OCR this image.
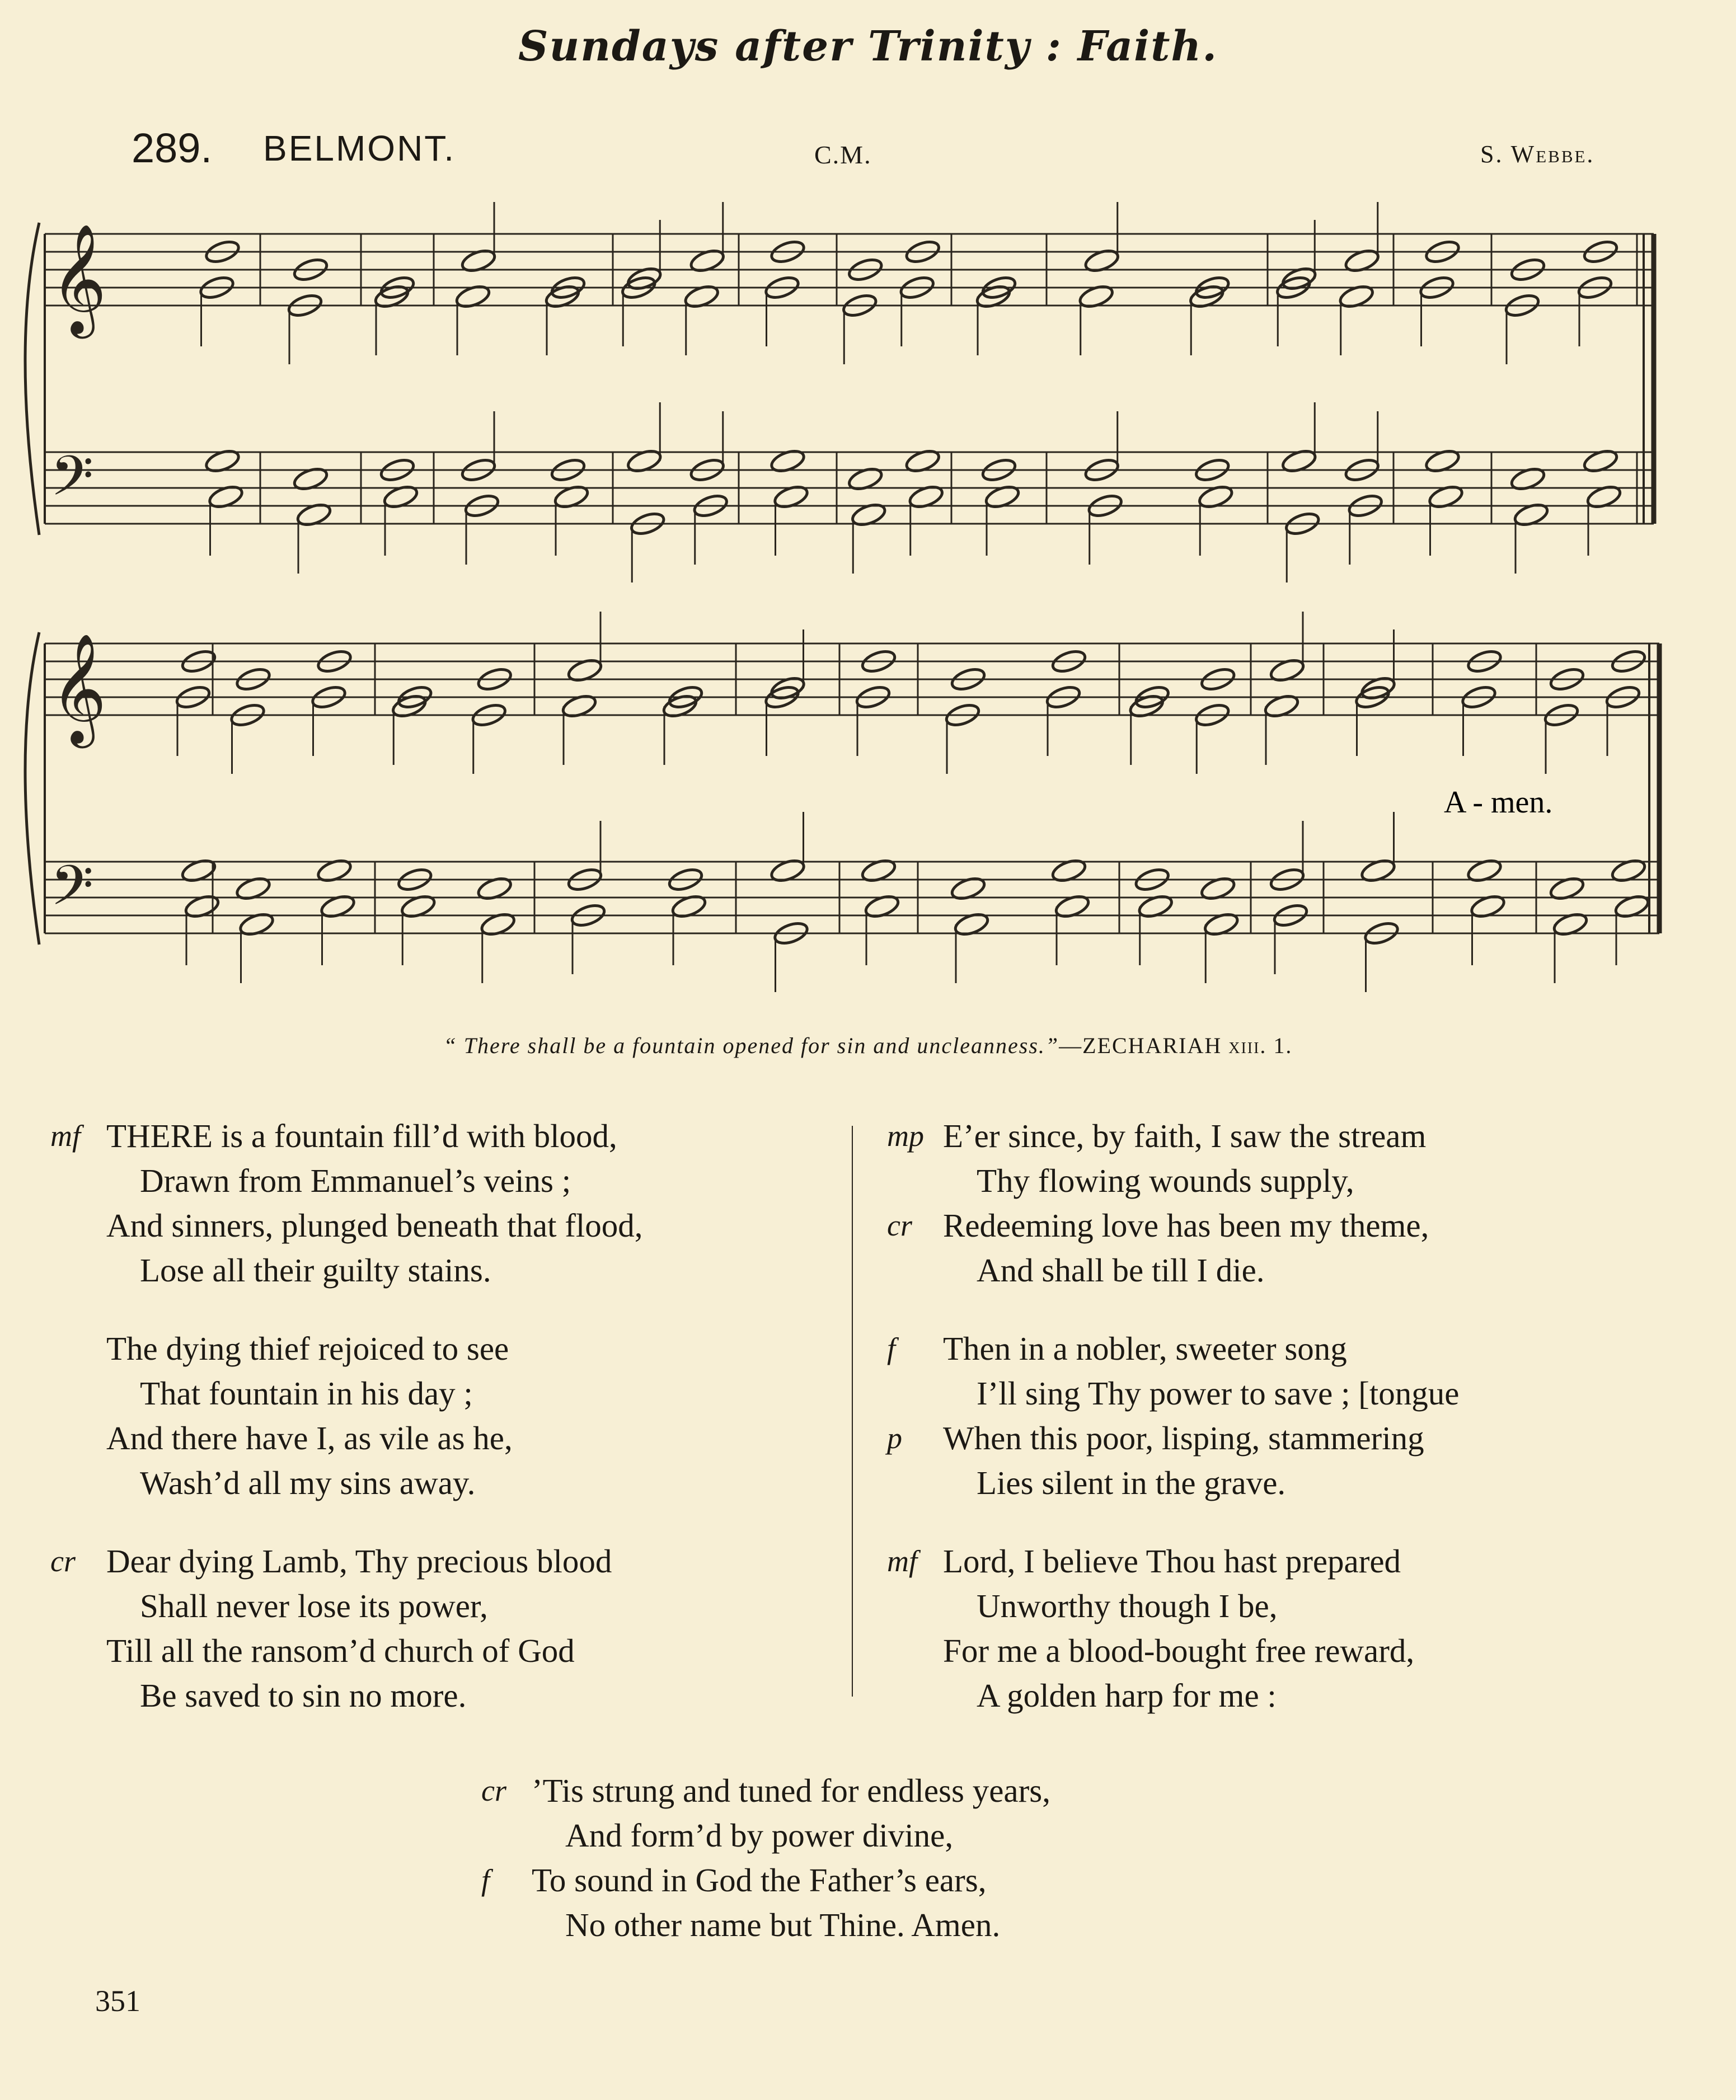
Sundays after Trinity : Faith.
289. BELMONT.	C.M.	S. Webbe.
𝄞
𝄢
𝄞
𝄢
A - men.
“ There shall be a fountain opened for sin and uncleanness.”—ZECHARIAH xiii. 1.
mf THERE is a fountain fill’d with blood,
Drawn from Emmanuel’s veins ;
And sinners, plunged beneath that flood,
Lose all their guilty stains.
The dying thief rejoiced to see
That fountain in his day ;
And there have I, as vile as he,
Wash’d all my sins away.
cr Dear dying Lamb, Thy precious blood
Shall never lose its power,
Till all the ransom’d church of God
Be saved to sin no more.
mp E’er since, by faith, I saw the stream
Thy flowing wounds supply,
cr Redeeming love has been my theme,
And shall be till I die.
f Then in a nobler, sweeter song
I’ll sing Thy power to save ; [tongue
p When this poor, lisping, stammering
Lies silent in the grave.
mf Lord, I believe Thou hast prepared
Unworthy though I be,
For me a blood-bought free reward,
A golden harp for me :
cr ’Tis strung and tuned for endless years,
And form’d by power divine,
f To sound in God the Father’s ears,
No other name but Thine. Amen.
351
